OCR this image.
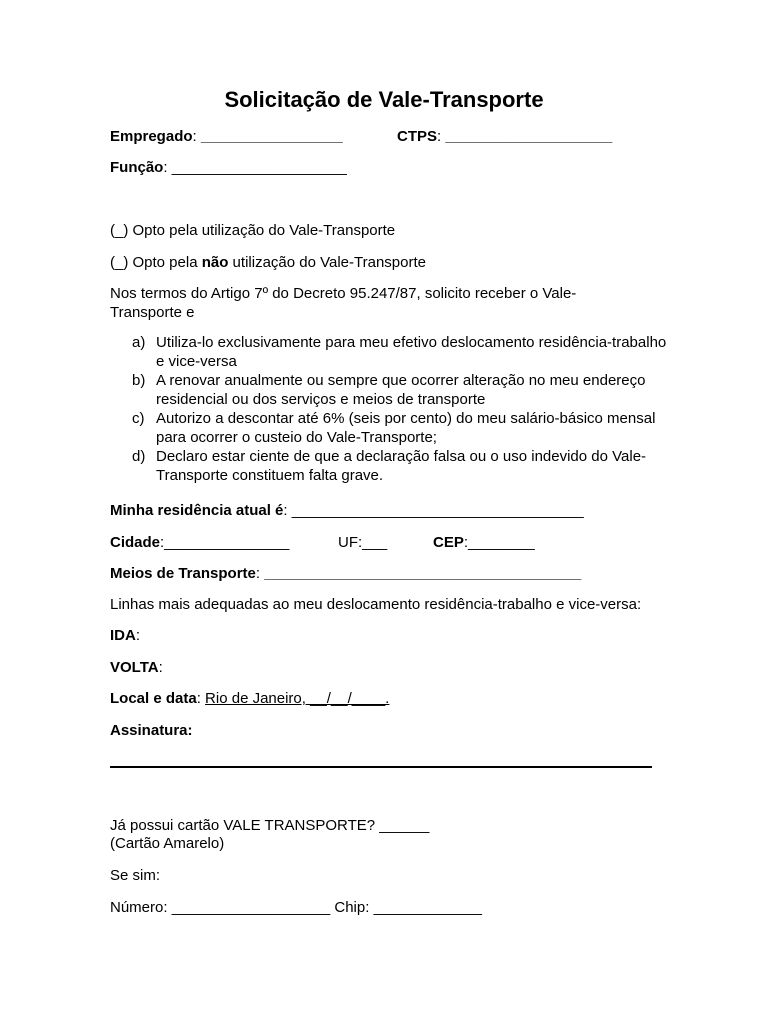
Solicitação de Vale-Transporte
Empregado: _________________	CTPS: ____________________
Função: _____________________
(_) Opto pela utilização do Vale-Transporte
(_) Opto pela não utilização do Vale-Transporte
Nos termos do Artigo 7º do Decreto 95.247/87, solicito receber o Vale-Transporte e
a) Utiliza-lo exclusivamente para meu efetivo deslocamento residência-trabalho e vice-versa
b) A renovar anualmente ou sempre que ocorrer alteração no meu endereço residencial ou dos serviços e meios de transporte
c) Autorizo a descontar até 6% (seis por cento) do meu salário-básico mensal para ocorrer o custeio do Vale-Transporte;
d) Declaro estar ciente de que a declaração falsa ou o uso indevido do Vale-Transporte constituem falta grave.
Minha residência atual é: ___________________________________
Cidade:_______________	UF:___	CEP:________
Meios de Transporte: ______________________________________
Linhas mais adequadas ao meu deslocamento residência-trabalho e vice-versa:
IDA:
VOLTA:
Local e data: Rio de Janeiro, __/__/____.
Assinatura:
Já possui cartão VALE TRANSPORTE? ______
(Cartão Amarelo)
Se sim:
Número: ___________________ Chip: _____________
